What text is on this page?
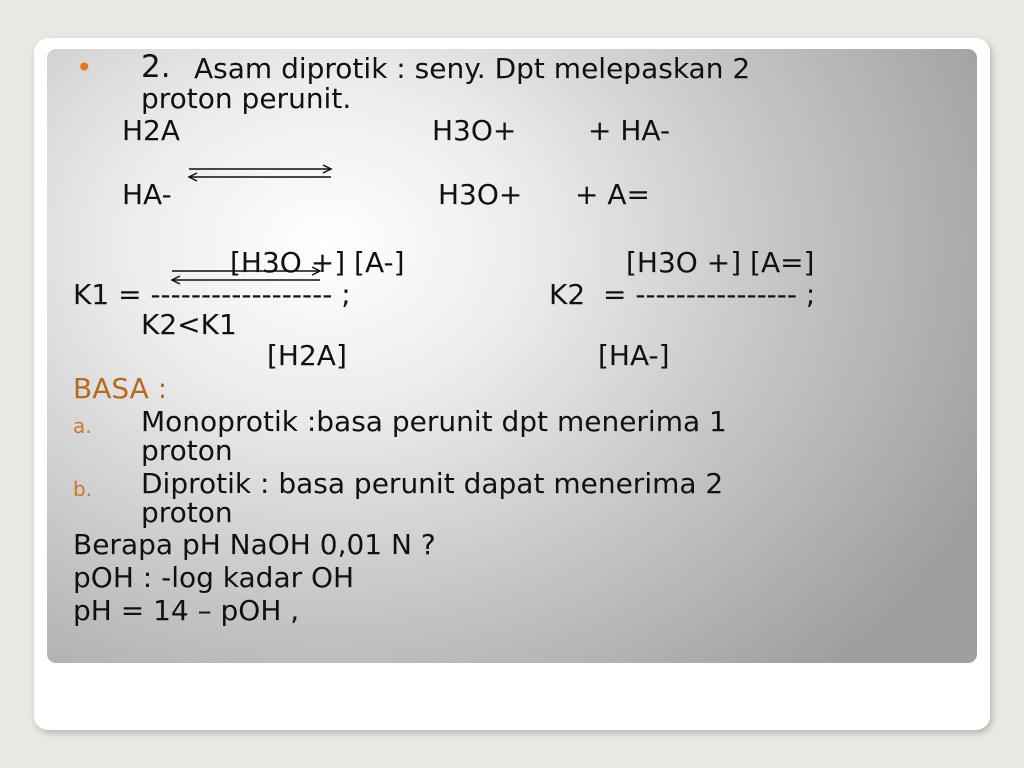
• 2. Asam diprotik : seny. Dpt melepaskan 2
proton perunit.
H2A	H3O+	+ HA-
HA-	H3O+ + A=
[H3O +] [A-]	[H3O +] [A=]
K1 = ------------------ ;	K2  = ---------------- ;
K2<K1
[H2A]	[HA-]
BASA :
a. Monoprotik :basa perunit dpt menerima 1
proton
b. Diprotik : basa perunit dapat menerima 2
proton
Berapa pH NaOH 0,01 N ?
pOH : -log kadar OH
pH = 14 – pOH ,
